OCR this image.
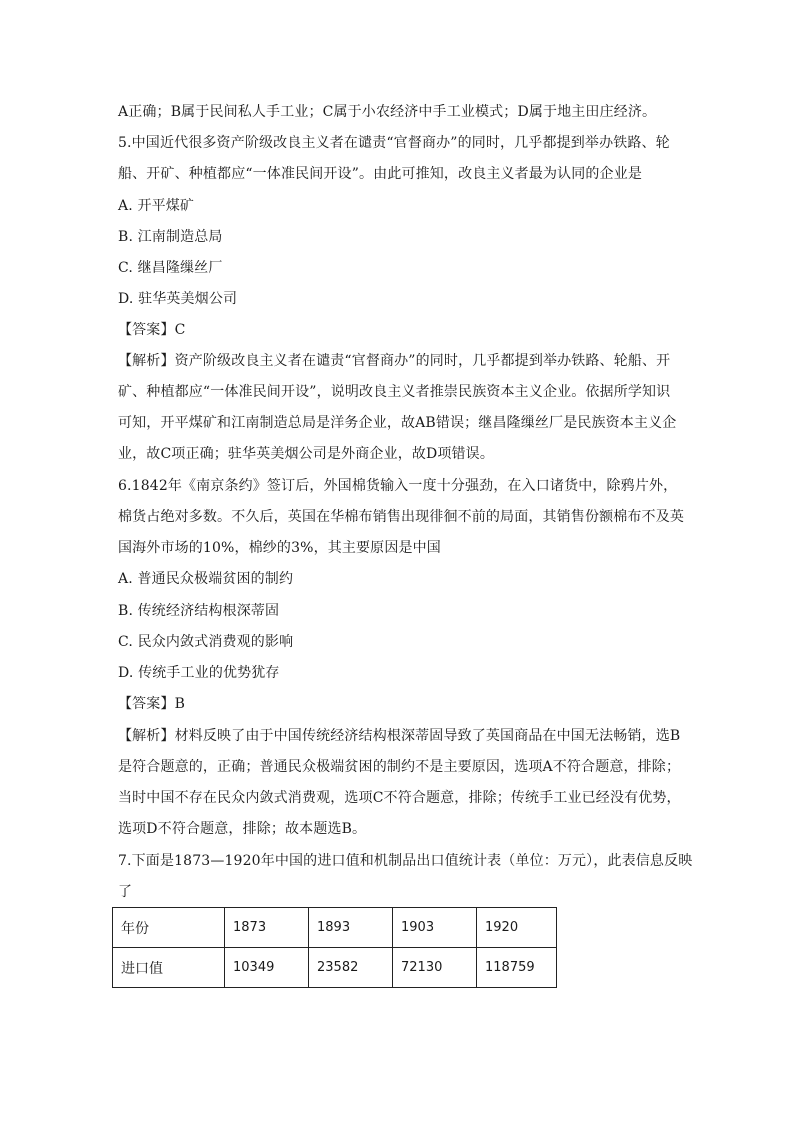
A正确；B属于民间私人手工业；C属于小农经济中手工业模式；D属于地主田庄经济。
5.中国近代很多资产阶级改良主义者在谴责“官督商办”的同时，几乎都提到举办铁路、轮
船、开矿、种植都应“一体准民间开设”。由此可推知，改良主义者最为认同的企业是
A. 开平煤矿
B. 江南制造总局
C. 继昌隆缫丝厂
D. 驻华英美烟公司
【答案】C
【解析】资产阶级改良主义者在谴责“官督商办”的同时，几乎都提到举办铁路、轮船、开
矿、种植都应“一体准民间开设”，说明改良主义者推崇民族资本主义企业。依据所学知识
可知，开平煤矿和江南制造总局是洋务企业，故AB错误；继昌隆缫丝厂是民族资本主义企
业，故C项正确；驻华英美烟公司是外商企业，故D项错误。
6.1842年《南京条约》签订后，外国棉货输入一度十分强劲，在入口诸货中，除鸦片外，
棉货占绝对多数。不久后，英国在华棉布销售出现徘徊不前的局面，其销售份额棉布不及英
国海外市场的10%，棉纱的3%，其主要原因是中国
A. 普通民众极端贫困的制约
B. 传统经济结构根深蒂固
C. 民众内敛式消费观的影响
D. 传统手工业的优势犹存
【答案】B
【解析】材料反映了由于中国传统经济结构根深蒂固导致了英国商品在中国无法畅销，选B
是符合题意的，正确；普通民众极端贫困的制约不是主要原因，选项A不符合题意，排除；
当时中国不存在民众内敛式消费观，选项C不符合题意，排除；传统手工业已经没有优势，
选项D不符合题意，排除；故本题选B。
7.下面是1873—1920年中国的进口值和机制品出口值统计表（单位：万元），此表信息反映
了
年份	1873	1893	1903	1920
进口值	10349	23582	72130	118759
